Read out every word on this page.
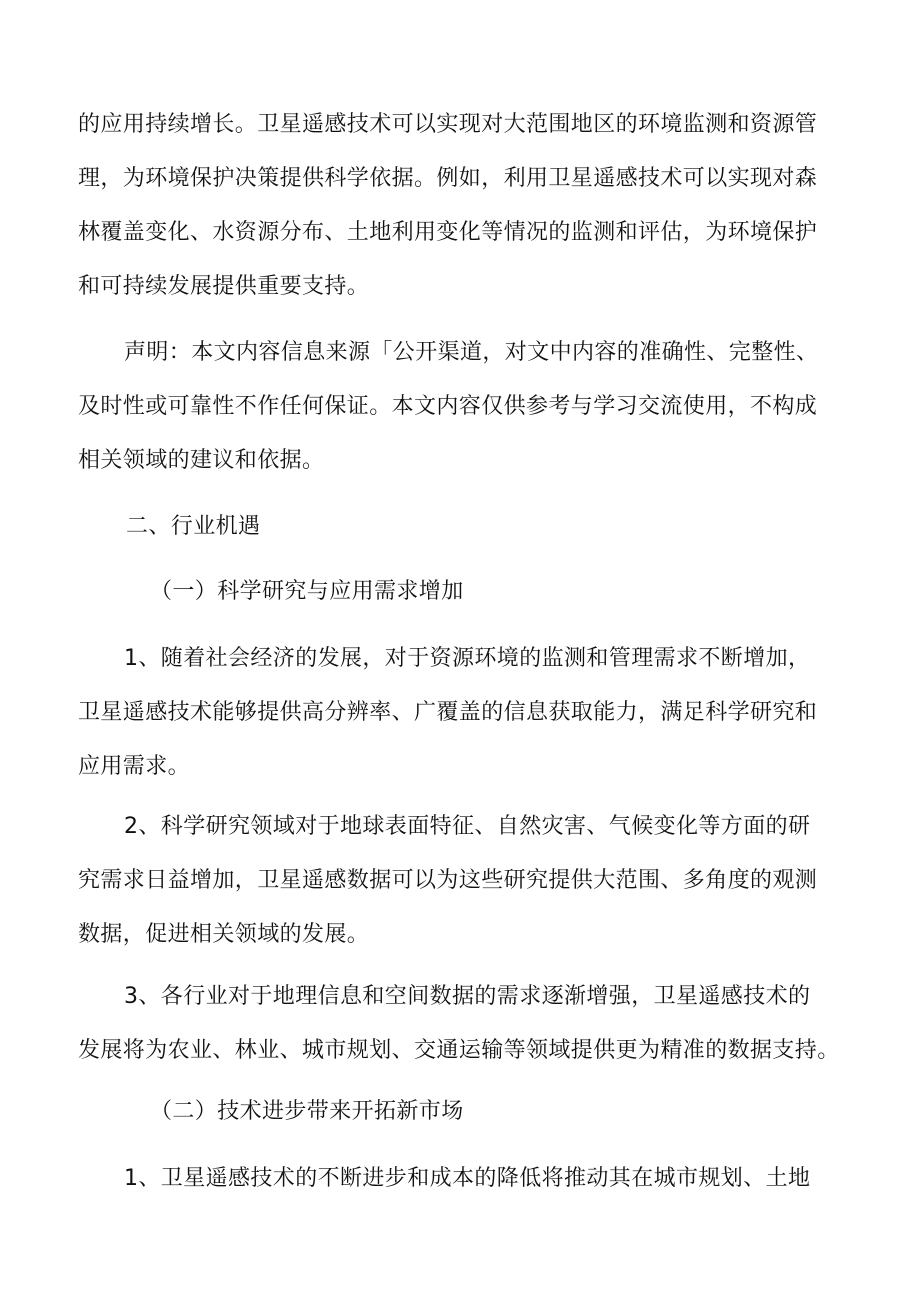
的应用持续增长。卫星遥感技术可以实现对大范围地区的环境监测和资源管
理，为环境保护决策提供科学依据。例如，利用卫星遥感技术可以实现对森
林覆盖变化、水资源分布、土地利用变化等情况的监测和评估，为环境保护
和可持续发展提供重要支持。
声明：本文内容信息来源「公开渠道，对文中内容的准确性、完整性、
及时性或可靠性不作任何保证。本文内容仅供参考与学习交流使用，不构成
相关领域的建议和依据。
二、行业机遇
（一）科学研究与应用需求增加
1、随着社会经济的发展，对于资源环境的监测和管理需求不断增加，
卫星遥感技术能够提供高分辨率、广覆盖的信息获取能力，满足科学研究和
应用需求。
2、科学研究领域对于地球表面特征、自然灾害、气候变化等方面的研
究需求日益增加，卫星遥感数据可以为这些研究提供大范围、多角度的观测
数据，促进相关领域的发展。
3、各行业对于地理信息和空间数据的需求逐渐增强，卫星遥感技术的
发展将为农业、林业、城市规划、交通运输等领域提供更为精准的数据支持。
（二）技术进步带来开拓新市场
1、卫星遥感技术的不断进步和成本的降低将推动其在城市规划、土地
